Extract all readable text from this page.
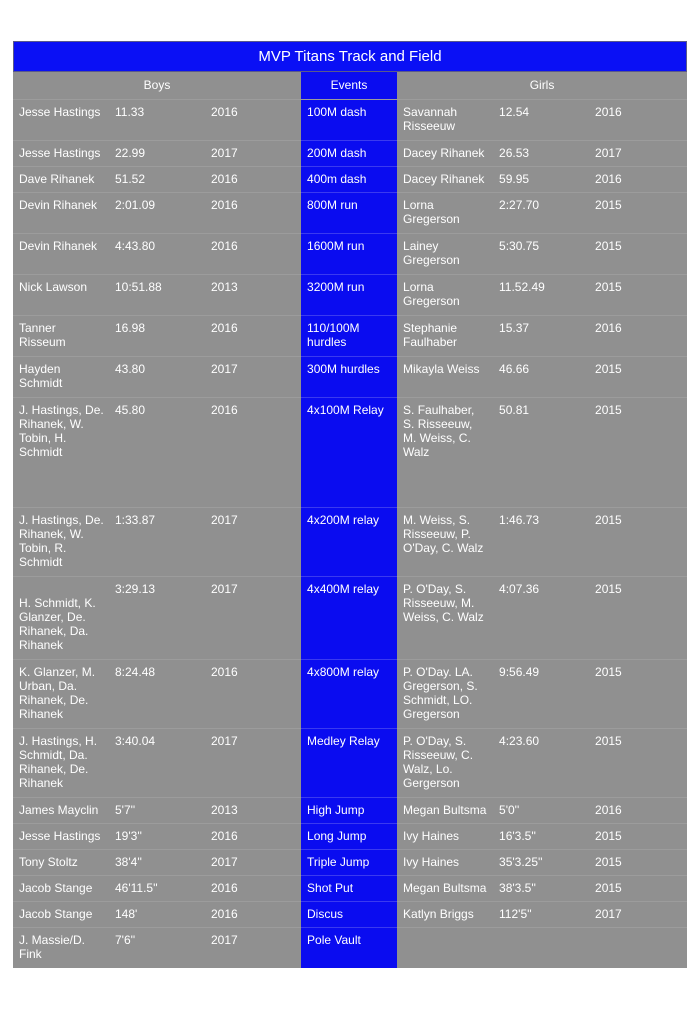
MVP Titans Track and Field
Boys			Events	Girls		
Jesse Hastings	11.33	2016	100M dash	Savannah Risseeuw	12.54	2016
Jesse Hastings	22.99	2017	200M dash	Dacey Rihanek	26.53	2017
Dave Rihanek	51.52	2016	400m dash	Dacey Rihanek	59.95	2016
Devin Rihanek	2:01.09	2016	800M run	Lorna Gregerson	2:27.70	2015
Devin Rihanek	4:43.80	2016	1600M run	Lainey Gregerson	5:30.75	2015
Nick Lawson	10:51.88	2013	3200M run	Lorna Gregerson	11.52.49	2015
Tanner Risseum	16.98	2016	110/100M hurdles	Stephanie Faulhaber	15.37	2016
Hayden Schmidt	43.80	2017	300M hurdles	Mikayla Weiss	46.66	2015
J. Hastings, De. Rihanek, W. Tobin, H. Schmidt	45.80	2016	4x100M Relay	S. Faulhaber, S. Risseeuw, M. Weiss, C. Walz	50.81	2015
J. Hastings, De. Rihanek, W. Tobin, R. Schmidt	1:33.87	2017	4x200M relay	M. Weiss, S. Risseeuw, P. O'Day, C. Walz	1:46.73	2015
H. Schmidt, K. Glanzer, De. Rihanek, Da. Rihanek	3:29.13	2017	4x400M relay	P. O'Day, S. Risseeuw, M. Weiss, C. Walz	4:07.36	2015
K. Glanzer, M. Urban, Da. Rihanek, De. Rihanek	8:24.48	2016	4x800M relay	P. O'Day. LA. Gregerson, S. Schmidt, LO. Gregerson	9:56.49	2015
J. Hastings, H. Schmidt, Da. Rihanek, De. Rihanek	3:40.04	2017	Medley Relay	P. O'Day, S. Risseeuw, C. Walz, Lo. Gergerson	4:23.60	2015
James Mayclin	5'7''	2013	High Jump	Megan Bultsma	5'0''	2016
Jesse Hastings	19'3''	2016	Long Jump	Ivy Haines	16'3.5''	2015
Tony Stoltz	38'4''	2017	Triple Jump	Ivy Haines	35'3.25''	2015
Jacob Stange	46'11.5''	2016	Shot Put	Megan Bultsma	38'3.5''	2015
Jacob Stange	148'	2016	Discus	Katlyn Briggs	112'5''	2017
J. Massie/D. Fink	7'6''	2017	Pole Vault			
